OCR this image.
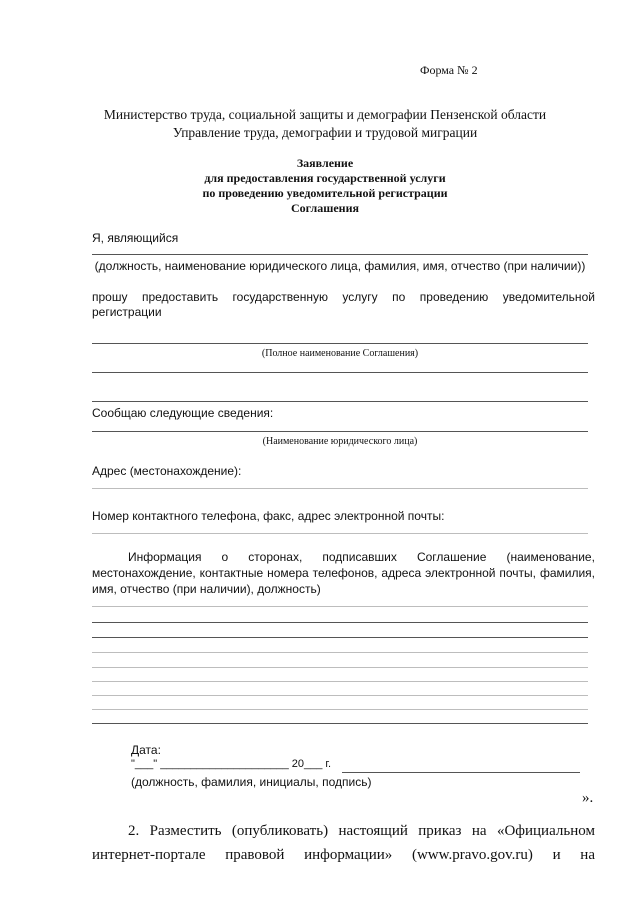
Форма № 2
Министерство труда, социальной защиты и демографии Пензенской области
Управление труда, демографии и трудовой миграции
Заявление
для предоставления государственной услуги
по проведению уведомительной регистрации
Соглашения
Я, являющийся
(должность, наименование юридического лица, фамилия, имя, отчество (при наличии))
прошу предоставить государственную услугу по проведению уведомительной
регистрации
(Полное наименование Соглашения)
Сообщаю следующие сведения:
(Наименование юридического лица)
Адрес (местонахождение):
Номер контактного телефона, факс, адрес электронной почты:
Информация о сторонах, подписавших Соглашение (наименование,
местонахождение, контактные номера телефонов, адреса электронной почты, фамилия,
имя, отчество (при наличии), должность)
Дата:
"___" _____________________ 20___ г.
(должность, фамилия, инициалы, подпись)
».
2. Разместить (опубликовать) настоящий приказ на «Официальном
интернет-портале правовой информации» (www.pravo.gov.ru) и на
